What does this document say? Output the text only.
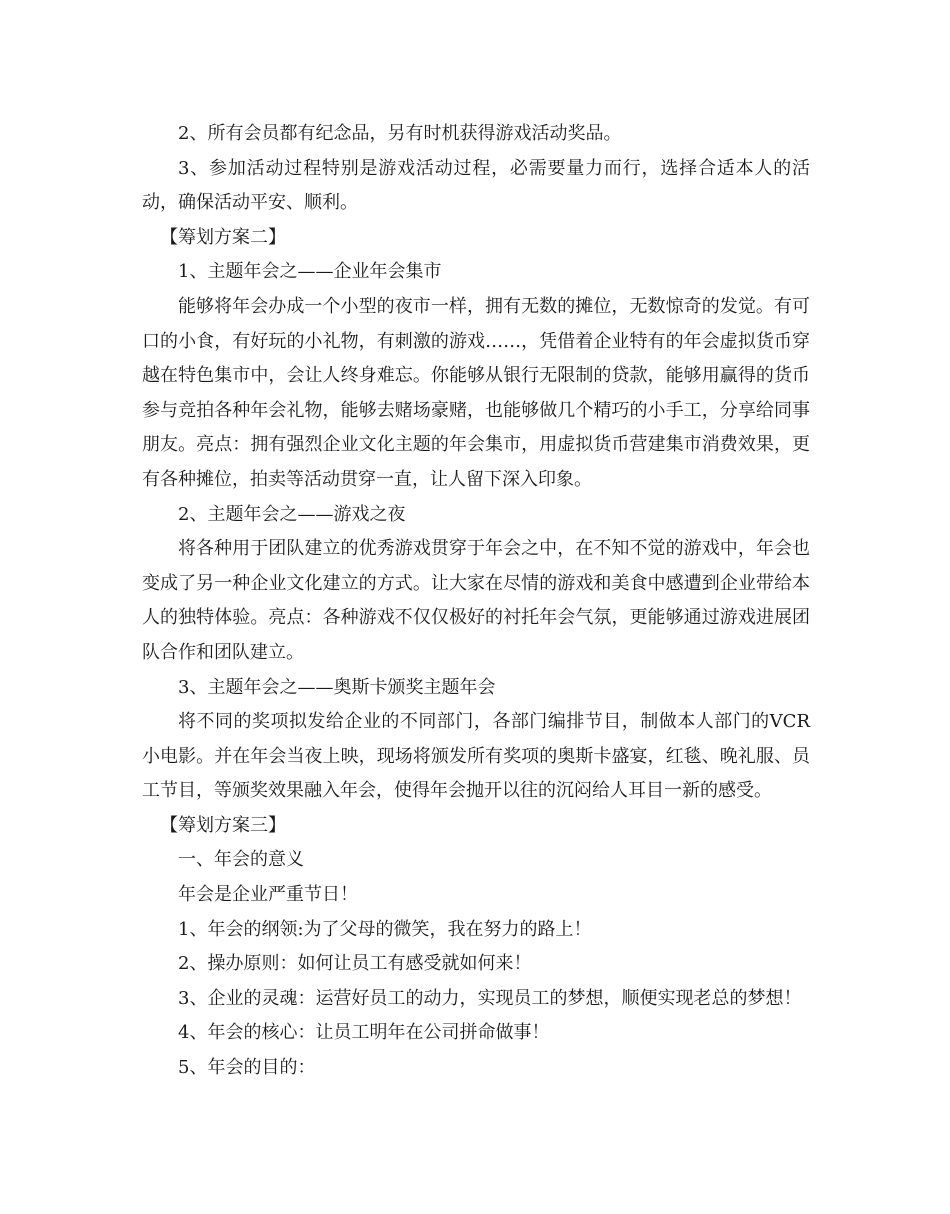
2、所有会员都有纪念品，另有时机获得游戏活动奖品。

3、参加活动过程特别是游戏活动过程，必需要量力而行，选择合适本人的活动，确保活动平安、顺利。

【筹划方案二】

1、主题年会之——企业年会集市

能够将年会办成一个小型的夜市一样，拥有无数的摊位，无数惊奇的发觉。有可口的小食，有好玩的小礼物，有刺激的游戏……，凭借着企业特有的年会虚拟货币穿越在特色集市中，会让人终身难忘。你能够从银行无限制的贷款，能够用赢得的货币参与竞拍各种年会礼物，能够去赌场豪赌，也能够做几个精巧的小手工，分享给同事朋友。亮点：拥有强烈企业文化主题的年会集市，用虚拟货币营建集市消费效果，更有各种摊位，拍卖等活动贯穿一直，让人留下深入印象。

2、主题年会之——游戏之夜

将各种用于团队建立的优秀游戏贯穿于年会之中，在不知不觉的游戏中，年会也变成了另一种企业文化建立的方式。让大家在尽情的游戏和美食中感遭到企业带给本人的独特体验。亮点：各种游戏不仅仅极好的衬托年会气氛，更能够通过游戏进展团队合作和团队建立。

3、主题年会之——奥斯卡颁奖主题年会

将不同的奖项拟发给企业的不同部门，各部门编排节目，制做本人部门的VCR小电影。并在年会当夜上映，现场将颁发所有奖项的奥斯卡盛宴，红毯、晚礼服、员工节目，等颁奖效果融入年会，使得年会抛开以往的沉闷给人耳目一新的感受。

【筹划方案三】

一、年会的意义

年会是企业严重节日！

1、年会的纲领:为了父母的微笑，我在努力的路上！

2、操办原则：如何让员工有感受就如何来！

3、企业的灵魂：运营好员工的动力，实现员工的梦想，顺便实现老总的梦想！

4、年会的核心：让员工明年在公司拼命做事！

5、年会的目的：
